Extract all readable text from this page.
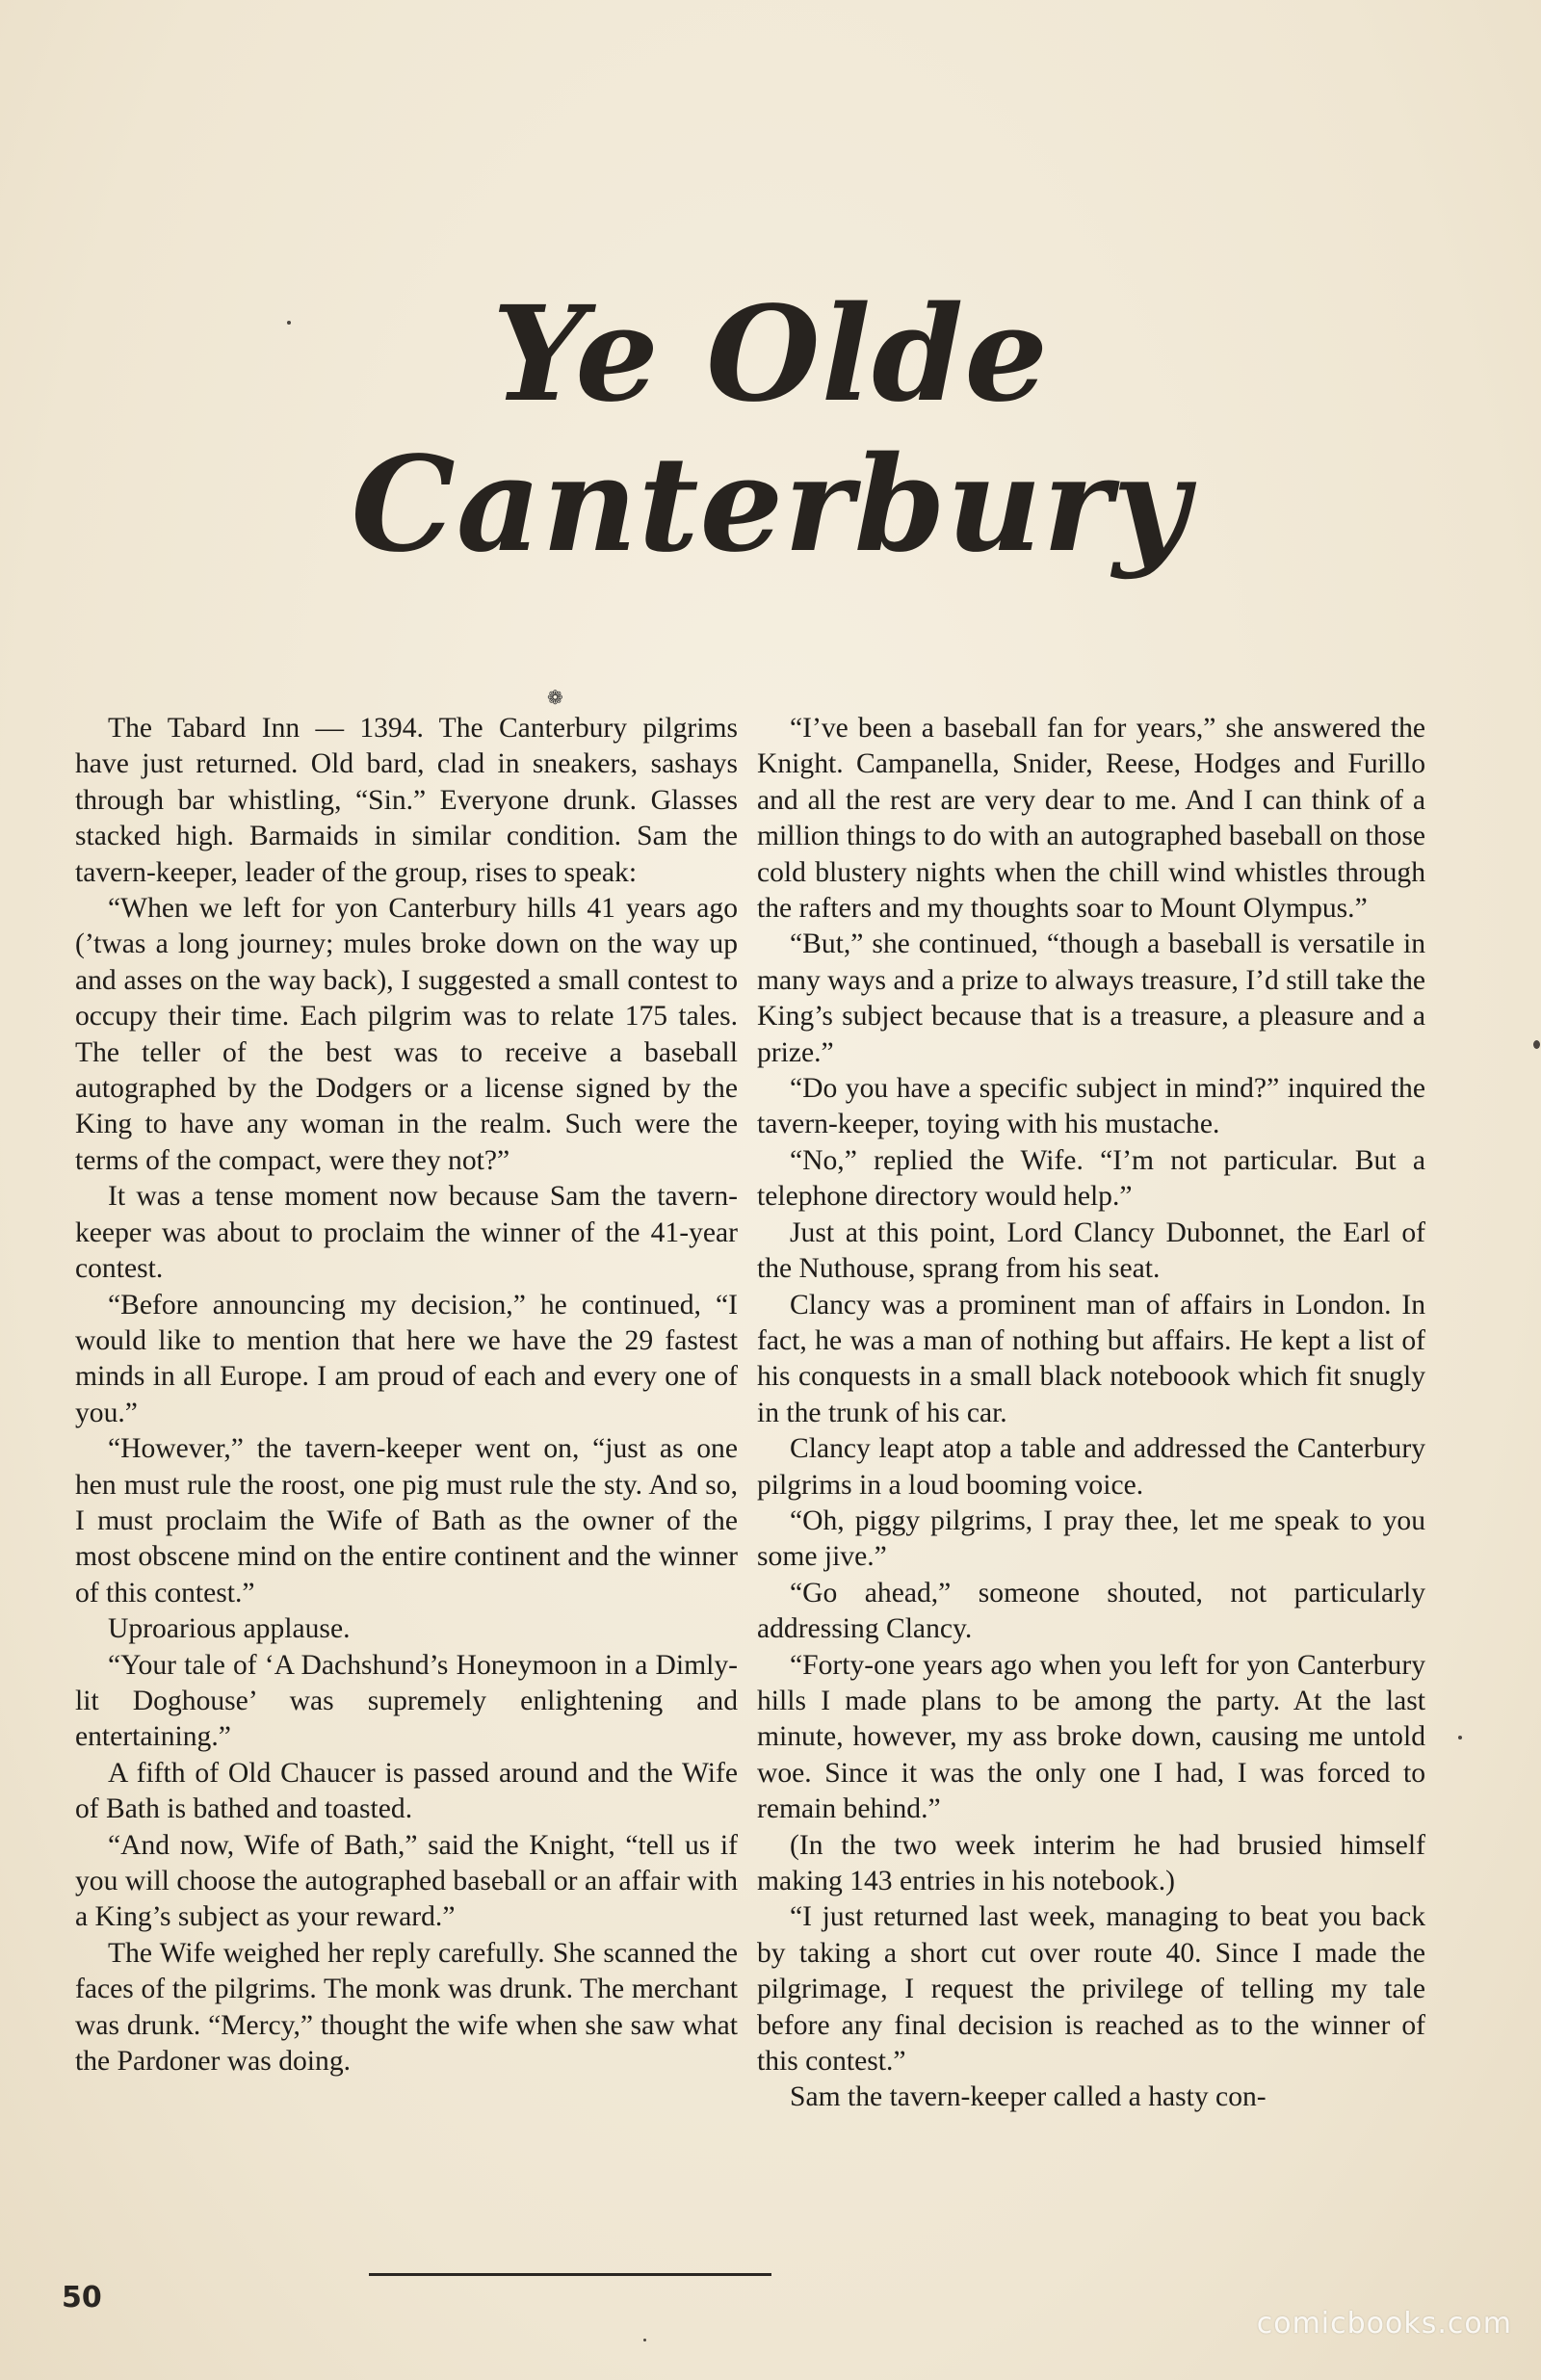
Ye Olde
Canterbury
❁

The Tabard Inn — 1394. The Canterbury pilgrims have just returned. Old bard, clad in sneakers, sashays through bar whistling, “Sin.” Everyone drunk. Glasses stacked high. Barmaids in similar condition. Sam the tavern-keeper, leader of the group, rises to speak:

“When we left for yon Canterbury hills 41 years ago (’twas a long journey; mules broke down on the way up and asses on the way back), I suggested a small contest to occupy their time. Each pilgrim was to relate 175 tales. The teller of the best was to receive a baseball autographed by the Dodgers or a license signed by the King to have any woman in the realm. Such were the terms of the compact, were they not?”

It was a tense moment now because Sam the tavern-keeper was about to proclaim the winner of the 41-year contest.

“Before announcing my decision,” he continued, “I would like to mention that here we have the 29 fastest minds in all Europe. I am proud of each and every one of you.”

“However,” the tavern-keeper went on, “just as one hen must rule the roost, one pig must rule the sty. And so, I must proclaim the Wife of Bath as the owner of the most obscene mind on the entire continent and the winner of this contest.”

Uproarious applause.

“Your tale of ‘A Dachshund’s Honeymoon in a Dimly-lit Doghouse’ was supremely enlightening and entertaining.”

A fifth of Old Chaucer is passed around and the Wife of Bath is bathed and toasted.

“And now, Wife of Bath,” said the Knight, “tell us if you will choose the autographed baseball or an affair with a King’s subject as your reward.”

The Wife weighed her reply carefully. She scanned the faces of the pilgrims. The monk was drunk. The merchant was drunk. “Mercy,” thought the wife when she saw what the Pardoner was doing.

“I’ve been a baseball fan for years,” she answered the Knight. Campanella, Snider, Reese, Hodges and Furillo and all the rest are very dear to me. And I can think of a million things to do with an autographed baseball on those cold blustery nights when the chill wind whistles through the rafters and my thoughts soar to Mount Olympus.”

“But,” she continued, “though a baseball is versatile in many ways and a prize to always treasure, I’d still take the King’s subject because that is a treasure, a pleasure and a prize.”

“Do you have a specific subject in mind?” inquired the tavern-keeper, toying with his mustache.

“No,” replied the Wife. “I’m not particular. But a telephone directory would help.”

Just at this point, Lord Clancy Dubonnet, the Earl of the Nuthouse, sprang from his seat.

Clancy was a prominent man of affairs in London. In fact, he was a man of nothing but affairs. He kept a list of his conquests in a small black noteboook which fit snugly in the trunk of his car.

Clancy leapt atop a table and addressed the Canterbury pilgrims in a loud booming voice.

“Oh, piggy pilgrims, I pray thee, let me speak to you some jive.”

“Go ahead,” someone shouted, not particularly addressing Clancy.

“Forty-one years ago when you left for yon Canterbury hills I made plans to be among the party. At the last minute, however, my ass broke down, causing me untold woe. Since it was the only one I had, I was forced to remain behind.”

(In the two week interim he had brusied himself making 143 entries in his notebook.)

“I just returned last week, managing to beat you back by taking a short cut over route 40. Since I made the pilgrimage, I request the privilege of telling my tale before any final decision is reached as to the winner of this contest.”

Sam the tavern-keeper called a hasty con-

50
comicbooks.com
